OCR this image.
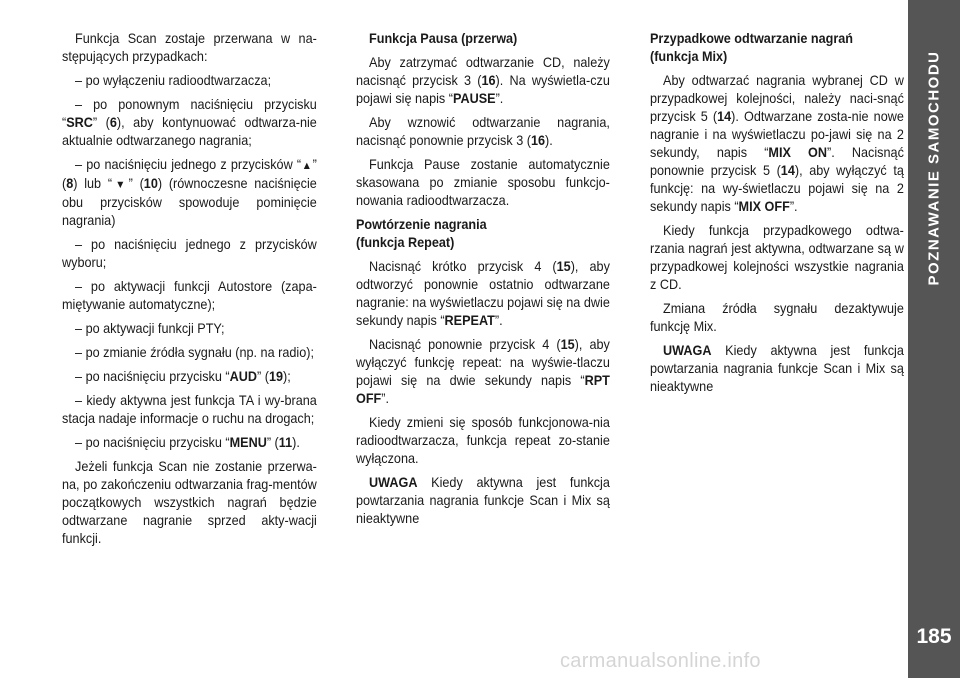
Funkcja Scan zostaje przerwana w na-stępujących przypadkach:

– po wyłączeniu radioodtwarzacza;

– po ponownym naciśnięciu przycisku “SRC” (6), aby kontynuować odtwarza-nie aktualnie odtwarzanego nagrania;

– po naciśnięciu jednego z przycisków “▲” (8) lub “▼” (10) (równoczesne naciśnięcie obu przycisków spowoduje pominięcie nagrania)

– po naciśnięciu jednego z przycisków wyboru;

– po aktywacji funkcji Autostore (zapa-miętywanie automatyczne);

– po aktywacji funkcji PTY;

– po zmianie źródła sygnału (np. na radio);

– po naciśnięciu przycisku “AUD” (19);

– kiedy aktywna jest funkcja TA i wy-brana stacja nadaje informacje o ruchu na drogach;

– po naciśnięciu przycisku “MENU” (11).

Jeżeli funkcja Scan nie zostanie przerwa-na, po zakończeniu odtwarzania frag-mentów początkowych wszystkich nagrań będzie odtwarzane nagranie sprzed akty-wacji funkcji.

Funkcja Pausa (przerwa)

Aby zatrzymać odtwarzanie CD, należy nacisnąć przycisk 3 (16). Na wyświetla-czu pojawi się napis “PAUSE”.

Aby wznowić odtwarzanie nagrania, nacisnąć ponownie przycisk 3 (16).

Funkcja Pause zostanie automatycznie skasowana po zmianie sposobu funkcjo-nowania radioodtwarzacza.

Powtórzenie nagrania
(funkcja Repeat)

Nacisnąć krótko przycisk 4 (15), aby odtworzyć ponownie ostatnio odtwarzane nagranie: na wyświetlaczu pojawi się na dwie sekundy napis “REPEAT”.

Nacisnąć ponownie przycisk 4 (15), aby wyłączyć funkcję repeat: na wyświe-tlaczu pojawi się na dwie sekundy napis “RPT OFF”.

Kiedy zmieni się sposób funkcjonowa-nia radioodtwarzacza, funkcja repeat zo-stanie wyłączona.

UWAGA Kiedy aktywna jest funkcja powtarzania nagrania funkcje Scan i Mix są nieaktywne

Przypadkowe odtwarzanie nagrań
(funkcja Mix)

Aby odtwarzać nagrania wybranej CD w przypadkowej kolejności, należy naci-snąć przycisk 5 (14). Odtwarzane zosta-nie nowe nagranie i na wyświetlaczu po-jawi się na 2 sekundy, napis “MIX ON”. Nacisnąć ponownie przycisk 5 (14), aby wyłączyć tą funkcję: na wy-świetlaczu pojawi się na 2 sekundy napis “MIX OFF”.

Kiedy funkcja przypadkowego odtwa-rzania nagrań jest aktywna, odtwarzane są w przypadkowej kolejności wszystkie nagrania z CD.

Zmiana źródła sygnału dezaktywuje funkcję Mix.

UWAGA Kiedy aktywna jest funkcja powtarzania nagrania funkcje Scan i Mix są nieaktywne

POZNAWANIE SAMOCHODU
185
carmanualsonline.info
